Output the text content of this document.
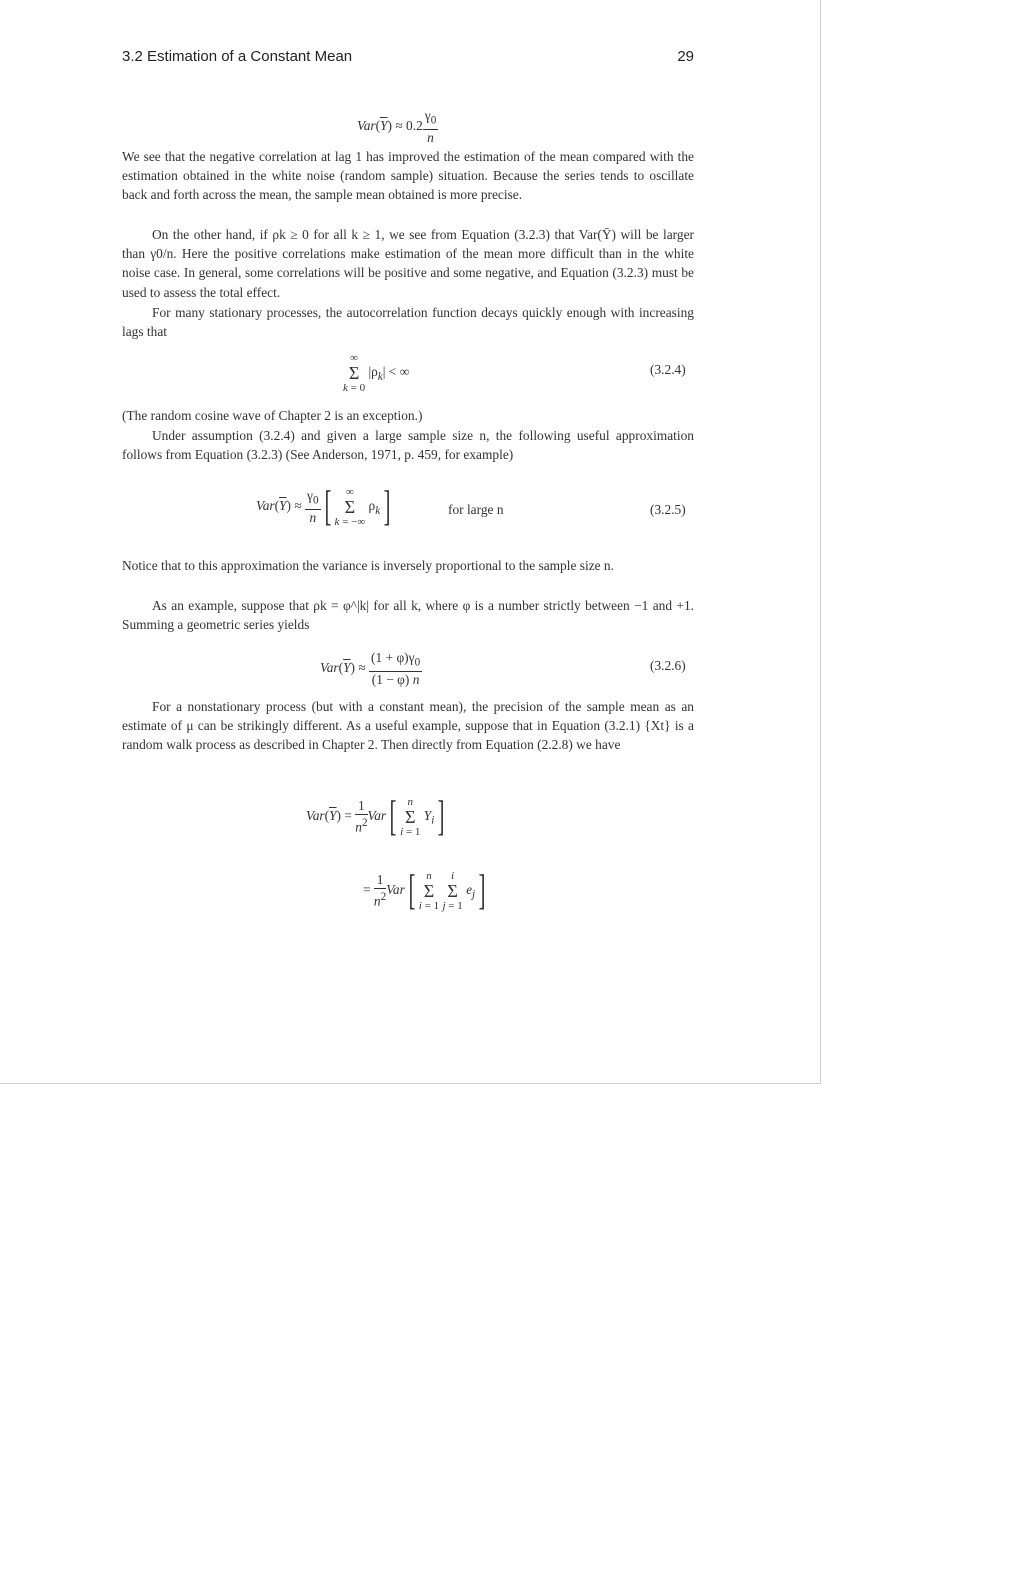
3.2 Estimation of a Constant Mean	29
$Var(\overline{Y}) \approx 0.2 \frac{\gamma_0}{n}$

We see that the negative correlation at lag 1 has improved the estimation of the mean compared with the estimation obtained in the white noise (random sample) situation. Because the series tends to oscillate back and forth across the mean, the sample mean obtained is more precise.

On the other hand, if ρk ≥ 0 for all k ≥ 1, we see from Equation (3.2.3) that Var(Ȳ) will be larger than γ0/n. Here the positive correlations make estimation of the mean more difficult than in the white noise case. In general, some correlations will be positive and some negative, and Equation (3.2.3) must be used to assess the total effect.

For many stationary processes, the autocorrelation function decays quickly enough with increasing lags that

∞
Σ
k = 0 $|\rho_k|$ < ∞	(3.2.4)

(The random cosine wave of Chapter 2 is an exception.)

Under assumption (3.2.4) and given a large sample size n, the following useful approximation follows from Equation (3.2.3) (See Anderson, 1971, p. 459, for example)

$Var(\overline{Y}) \approx \frac{\gamma_0}{n}$ [ ∞
Σ
k = −∞ $\rho_k$]	for large n	(3.2.5)

Notice that to this approximation the variance is inversely proportional to the sample size n.

As an example, suppose that ρk = φ^|k| for all k, where φ is a number strictly between −1 and +1. Summing a geometric series yields

$Var(\overline{Y}) \approx \frac{(1 + \varphi)\gamma_0}{(1 - \varphi) n}$	(3.2.6)

For a nonstationary process (but with a constant mean), the precision of the sample mean as an estimate of μ can be strikingly different. As a useful example, suppose that in Equation (3.2.1) {Xt} is a random walk process as described in Chapter 2. Then directly from Equation (2.2.8) we have

$Var(\overline{Y}) = \frac{1}{n^2} Var$[ n
Σ
i = 1 $Y_i$]
= $\frac{1}{n^2} Var$[ n
Σ
i = 1 i
Σ
j = 1 $e_j$]
